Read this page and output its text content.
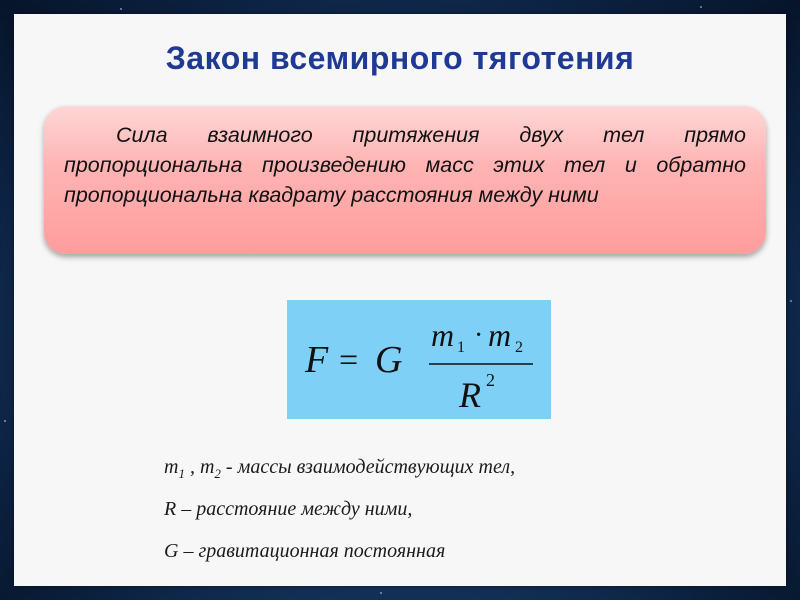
Закон всемирного тяготения
Сила взаимного притяжения двух тел прямо пропорциональна произведению масс этих тел и обратно пропорциональна квадрату расстояния между ними
F = G
m m
R
1 · 2
2
$m_1$ , $m_2$ - массы взаимодействующих тел,
R – расстояние между ними,
G – гравитационная постоянная
